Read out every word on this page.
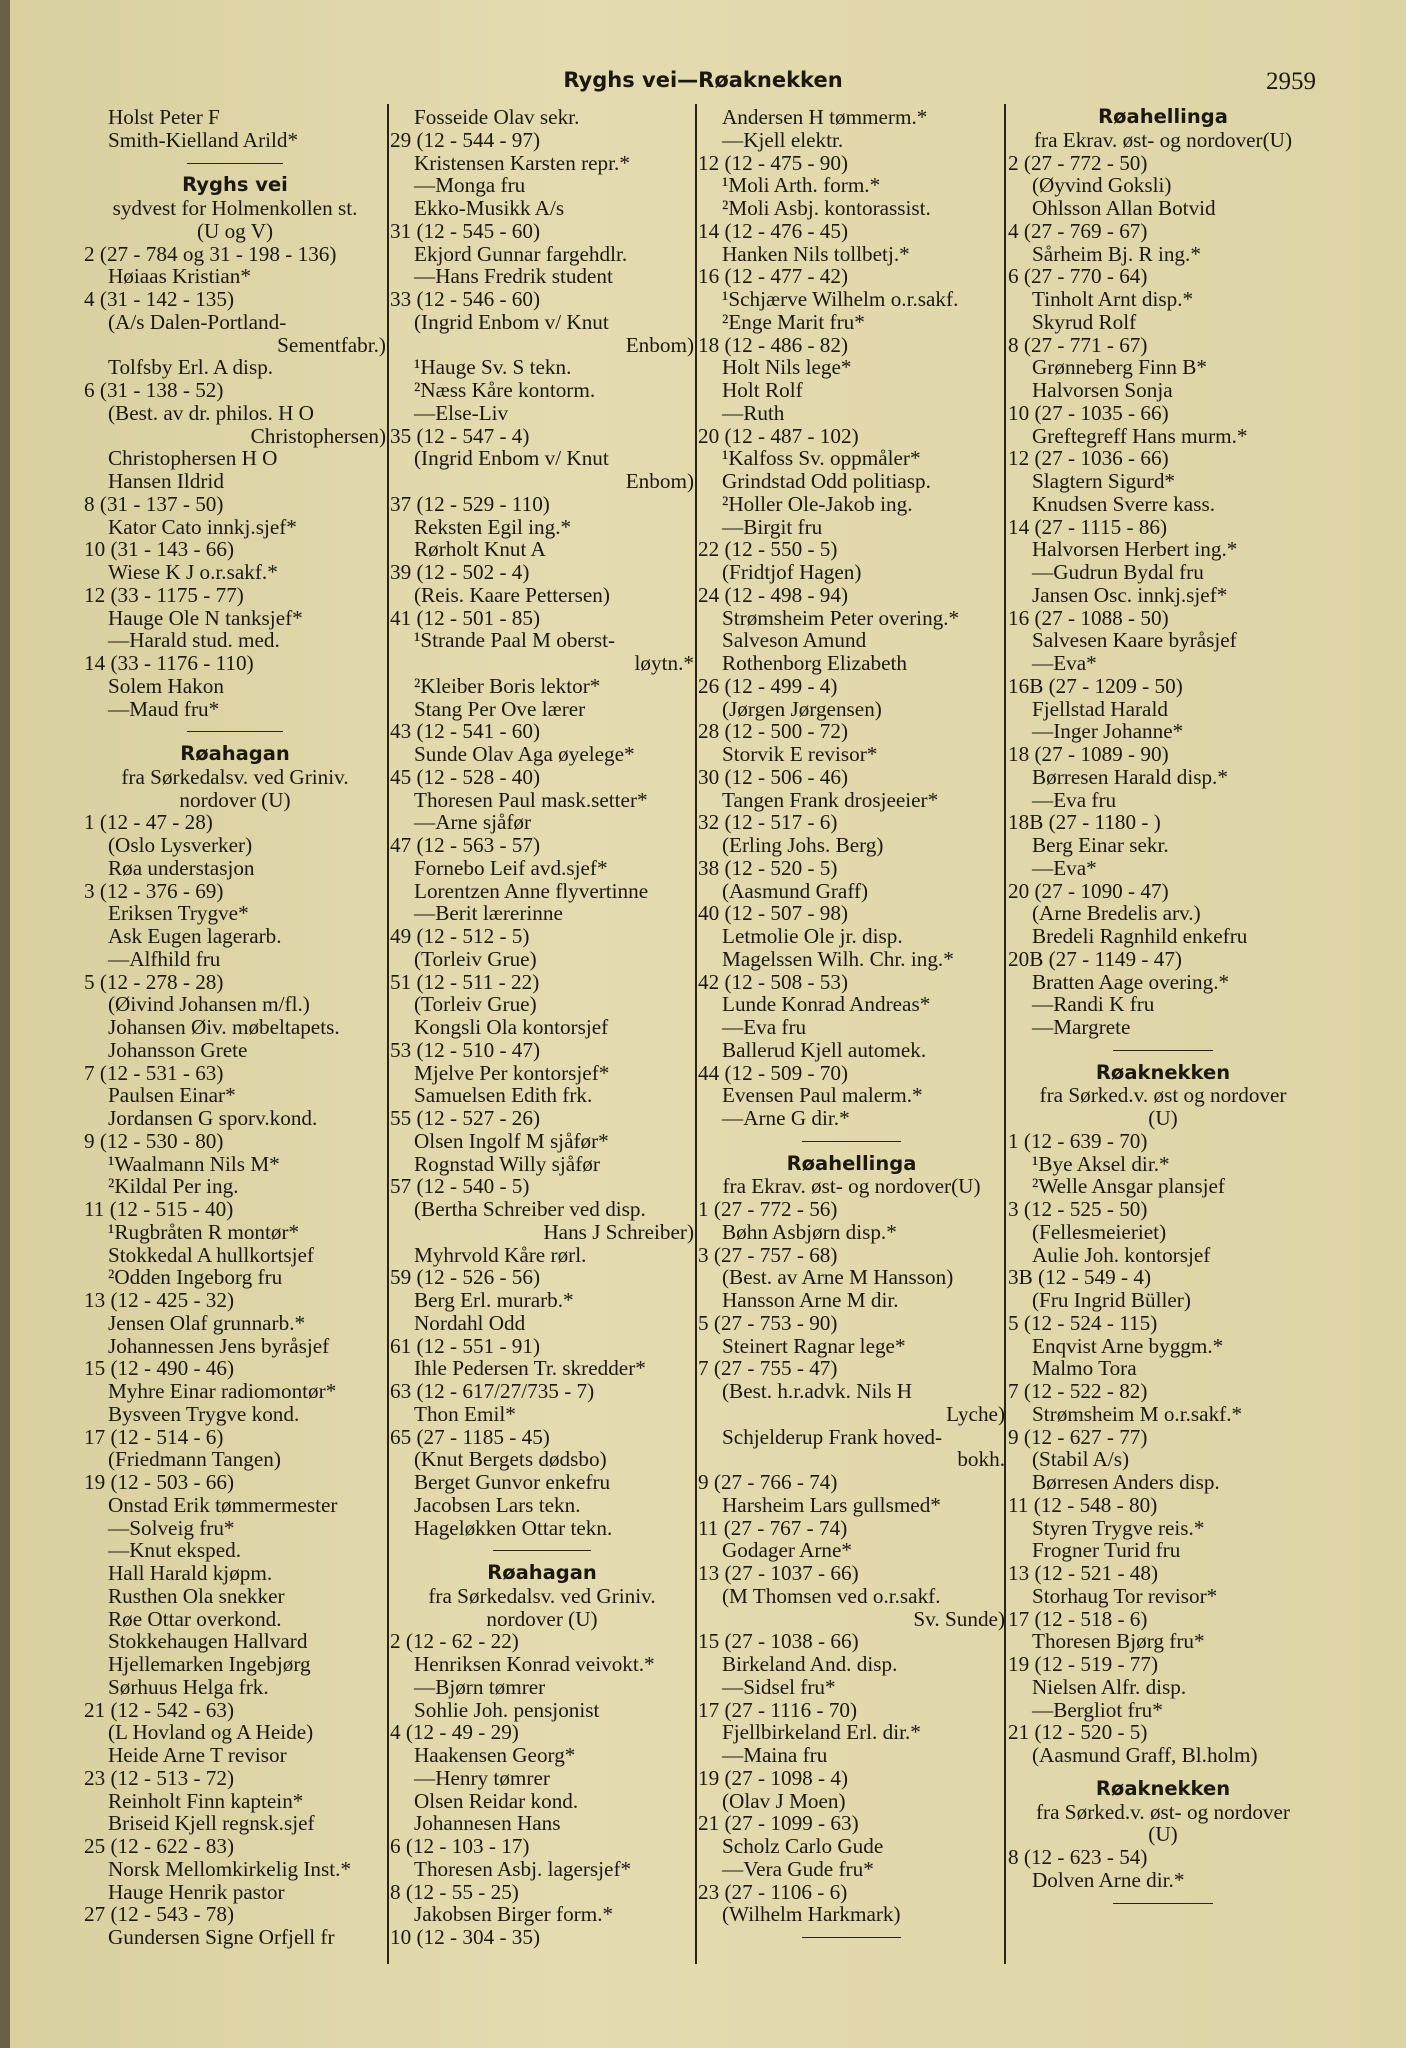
Ryghs vei—Røaknekken	2959
Holst Peter F
Smith-Kielland Arild*
Ryghs vei
sydvest for Holmenkollen st.
(U og V)
2 (27 - 784 og 31 - 198 - 136)
Høiaas Kristian*
4 (31 - 142 - 135)
(A/s Dalen-Portland-
Sementfabr.)
Tolfsby Erl. A disp.
6 (31 - 138 - 52)
(Best. av dr. philos. H O
Christophersen)
Christophersen H O
Hansen Ildrid
8 (31 - 137 - 50)
Kator Cato innkj.sjef*
10 (31 - 143 - 66)
Wiese K J o.r.sakf.*
12 (33 - 1175 - 77)
Hauge Ole N tanksjef*
—Harald stud. med.
14 (33 - 1176 - 110)
Solem Hakon
—Maud fru*
Røahagan
fra Sørkedalsv. ved Griniv.
nordover (U)
1 (12 - 47 - 28)
(Oslo Lysverker)
Røa understasjon
3 (12 - 376 - 69)
Eriksen Trygve*
Ask Eugen lagerarb.
—Alfhild fru
5 (12 - 278 - 28)
(Øivind Johansen m/fl.)
Johansen Øiv. møbeltapets.
Johansson Grete
7 (12 - 531 - 63)
Paulsen Einar*
Jordansen G sporv.kond.
9 (12 - 530 - 80)
¹Waalmann Nils M*
²Kildal Per ing.
11 (12 - 515 - 40)
¹Rugbråten R montør*
Stokkedal A hullkortsjef
²Odden Ingeborg fru
13 (12 - 425 - 32)
Jensen Olaf grunnarb.*
Johannessen Jens byråsjef
15 (12 - 490 - 46)
Myhre Einar radiomontør*
Bysveen Trygve kond.
17 (12 - 514 - 6)
(Friedmann Tangen)
19 (12 - 503 - 66)
Onstad Erik tømmermester
—Solveig fru*
—Knut eksped.
Hall Harald kjøpm.
Rusthen Ola snekker
Røe Ottar overkond.
Stokkehaugen Hallvard
Hjellemarken Ingebjørg
Sørhuus Helga frk.
21 (12 - 542 - 63)
(L Hovland og A Heide)
Heide Arne T revisor
23 (12 - 513 - 72)
Reinholt Finn kaptein*
Briseid Kjell regnsk.sjef
25 (12 - 622 - 83)
Norsk Mellomkirkelig Inst.*
Hauge Henrik pastor
27 (12 - 543 - 78)
Gundersen Signe Orfjell fr
Fosseide Olav sekr.
29 (12 - 544 - 97)
Kristensen Karsten repr.*
—Monga fru
Ekko-Musikk A/s
31 (12 - 545 - 60)
Ekjord Gunnar fargehdlr.
—Hans Fredrik student
33 (12 - 546 - 60)
(Ingrid Enbom v/ Knut
Enbom)
¹Hauge Sv. S tekn.
²Næss Kåre kontorm.
—Else-Liv
35 (12 - 547 - 4)
(Ingrid Enbom v/ Knut
Enbom)
37 (12 - 529 - 110)
Reksten Egil ing.*
Rørholt Knut A
39 (12 - 502 - 4)
(Reis. Kaare Pettersen)
41 (12 - 501 - 85)
¹Strande Paal M oberst-
løytn.*
²Kleiber Boris lektor*
Stang Per Ove lærer
43 (12 - 541 - 60)
Sunde Olav Aga øyelege*
45 (12 - 528 - 40)
Thoresen Paul mask.setter*
—Arne sjåfør
47 (12 - 563 - 57)
Fornebo Leif avd.sjef*
Lorentzen Anne flyvertinne
—Berit lærerinne
49 (12 - 512 - 5)
(Torleiv Grue)
51 (12 - 511 - 22)
(Torleiv Grue)
Kongsli Ola kontorsjef
53 (12 - 510 - 47)
Mjelve Per kontorsjef*
Samuelsen Edith frk.
55 (12 - 527 - 26)
Olsen Ingolf M sjåfør*
Rognstad Willy sjåfør
57 (12 - 540 - 5)
(Bertha Schreiber ved disp.
Hans J Schreiber)
Myhrvold Kåre rørl.
59 (12 - 526 - 56)
Berg Erl. murarb.*
Nordahl Odd
61 (12 - 551 - 91)
Ihle Pedersen Tr. skredder*
63 (12 - 617/27/735 - 7)
Thon Emil*
65 (27 - 1185 - 45)
(Knut Bergets dødsbo)
Berget Gunvor enkefru
Jacobsen Lars tekn.
Hageløkken Ottar tekn.
Røahagan
fra Sørkedalsv. ved Griniv.
nordover (U)
2 (12 - 62 - 22)
Henriksen Konrad veivokt.*
—Bjørn tømrer
Sohlie Joh. pensjonist
4 (12 - 49 - 29)
Haakensen Georg*
—Henry tømrer
Olsen Reidar kond.
Johannesen Hans
6 (12 - 103 - 17)
Thoresen Asbj. lagersjef*
8 (12 - 55 - 25)
Jakobsen Birger form.*
10 (12 - 304 - 35)
Andersen H tømmerm.*
—Kjell elektr.
12 (12 - 475 - 90)
¹Moli Arth. form.*
²Moli Asbj. kontorassist.
14 (12 - 476 - 45)
Hanken Nils tollbetj.*
16 (12 - 477 - 42)
¹Schjærve Wilhelm o.r.sakf.
²Enge Marit fru*
18 (12 - 486 - 82)
Holt Nils lege*
Holt Rolf
—Ruth
20 (12 - 487 - 102)
¹Kalfoss Sv. oppmåler*
Grindstad Odd politiasp.
²Holler Ole-Jakob ing.
—Birgit fru
22 (12 - 550 - 5)
(Fridtjof Hagen)
24 (12 - 498 - 94)
Strømsheim Peter overing.*
Salveson Amund
Rothenborg Elizabeth
26 (12 - 499 - 4)
(Jørgen Jørgensen)
28 (12 - 500 - 72)
Storvik E revisor*
30 (12 - 506 - 46)
Tangen Frank drosjeeier*
32 (12 - 517 - 6)
(Erling Johs. Berg)
38 (12 - 520 - 5)
(Aasmund Graff)
40 (12 - 507 - 98)
Letmolie Ole jr. disp.
Magelssen Wilh. Chr. ing.*
42 (12 - 508 - 53)
Lunde Konrad Andreas*
—Eva fru
Ballerud Kjell automek.
44 (12 - 509 - 70)
Evensen Paul malerm.*
—Arne G dir.*
Røahellinga
fra Ekrav. øst- og nordover(U)
1 (27 - 772 - 56)
Bøhn Asbjørn disp.*
3 (27 - 757 - 68)
(Best. av Arne M Hansson)
Hansson Arne M dir.
5 (27 - 753 - 90)
Steinert Ragnar lege*
7 (27 - 755 - 47)
(Best. h.r.advk. Nils H
Lyche)
Schjelderup Frank hoved-
bokh.
9 (27 - 766 - 74)
Harsheim Lars gullsmed*
11 (27 - 767 - 74)
Godager Arne*
13 (27 - 1037 - 66)
(M Thomsen ved o.r.sakf.
Sv. Sunde)
15 (27 - 1038 - 66)
Birkeland And. disp.
—Sidsel fru*
17 (27 - 1116 - 70)
Fjellbirkeland Erl. dir.*
—Maina fru
19 (27 - 1098 - 4)
(Olav J Moen)
21 (27 - 1099 - 63)
Scholz Carlo Gude
—Vera Gude fru*
23 (27 - 1106 - 6)
(Wilhelm Harkmark)
Røahellinga
fra Ekrav. øst- og nordover(U)
2 (27 - 772 - 50)
(Øyvind Goksli)
Ohlsson Allan Botvid
4 (27 - 769 - 67)
Sårheim Bj. R ing.*
6 (27 - 770 - 64)
Tinholt Arnt disp.*
Skyrud Rolf
8 (27 - 771 - 67)
Grønneberg Finn B*
Halvorsen Sonja
10 (27 - 1035 - 66)
Greftegreff Hans murm.*
12 (27 - 1036 - 66)
Slagtern Sigurd*
Knudsen Sverre kass.
14 (27 - 1115 - 86)
Halvorsen Herbert ing.*
—Gudrun Bydal fru
Jansen Osc. innkj.sjef*
16 (27 - 1088 - 50)
Salvesen Kaare byråsjef
—Eva*
16B (27 - 1209 - 50)
Fjellstad Harald
—Inger Johanne*
18 (27 - 1089 - 90)
Børresen Harald disp.*
—Eva fru
18B (27 - 1180 - )
Berg Einar sekr.
—Eva*
20 (27 - 1090 - 47)
(Arne Bredelis arv.)
Bredeli Ragnhild enkefru
20B (27 - 1149 - 47)
Bratten Aage overing.*
—Randi K fru
—Margrete
Røaknekken
fra Sørked.v. øst og nordover
(U)
1 (12 - 639 - 70)
¹Bye Aksel dir.*
²Welle Ansgar plansjef
3 (12 - 525 - 50)
(Fellesmeieriet)
Aulie Joh. kontorsjef
3B (12 - 549 - 4)
(Fru Ingrid Büller)
5 (12 - 524 - 115)
Enqvist Arne byggm.*
Malmo Tora
7 (12 - 522 - 82)
Strømsheim M o.r.sakf.*
9 (12 - 627 - 77)
(Stabil A/s)
Børresen Anders disp.
11 (12 - 548 - 80)
Styren Trygve reis.*
Frogner Turid fru
13 (12 - 521 - 48)
Storhaug Tor revisor*
17 (12 - 518 - 6)
Thoresen Bjørg fru*
19 (12 - 519 - 77)
Nielsen Alfr. disp.
—Bergliot fru*
21 (12 - 520 - 5)
(Aasmund Graff, Bl.holm)
Røaknekken
fra Sørked.v. øst- og nordover
(U)
8 (12 - 623 - 54)
Dolven Arne dir.*
